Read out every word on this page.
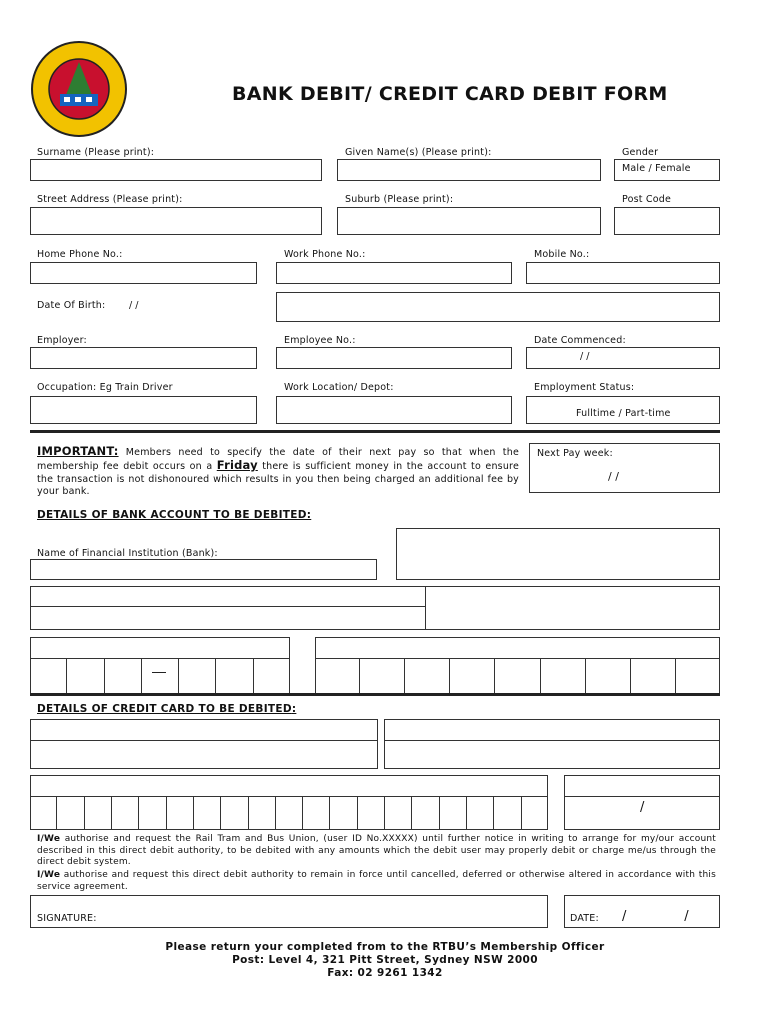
BANK DEBIT/ CREDIT CARD DEBIT FORM
Surname (Please print):	Given Name(s) (Please print):	Gender
Male / Female
Street Address (Please print):	Suburb (Please print):	Post Code
Home Phone No.:	Work Phone No.:	Mobile No.:
Date Of Birth: / /
Employer:	Employee No.:	Date Commenced:
/ /
Occupation: Eg Train Driver	Work Location/ Depot:	Employment Status:
Fulltime / Part-time
IMPORTANT: Members need to specify the date of their next pay so that when the membership fee debit occurs on a Friday there is sufficient money in the account to ensure the transaction is not dishonoured which results in you then being charged an additional fee by your bank.
Next Pay week:
/ /
DETAILS OF BANK ACCOUNT TO BE DEBITED:
Name of Financial Institution (Bank):
DETAILS OF CREDIT CARD TO BE DEBITED:
/
I/We authorise and request the Rail Tram and Bus Union, (user ID No.XXXXX) until further notice in writing to arrange for my/our account described in this direct debit authority, to be debited with any amounts which the debit user may properly debit or charge me/us through the direct debit system.
I/We authorise and request this direct debit authority to remain in force until cancelled, deferred or otherwise altered in accordance with this service agreement.
SIGNATURE:	DATE: /              /
Please return your completed from to the RTBU’s Membership Officer
Post: Level 4, 321 Pitt Street, Sydney NSW 2000
Fax: 02 9261 1342
